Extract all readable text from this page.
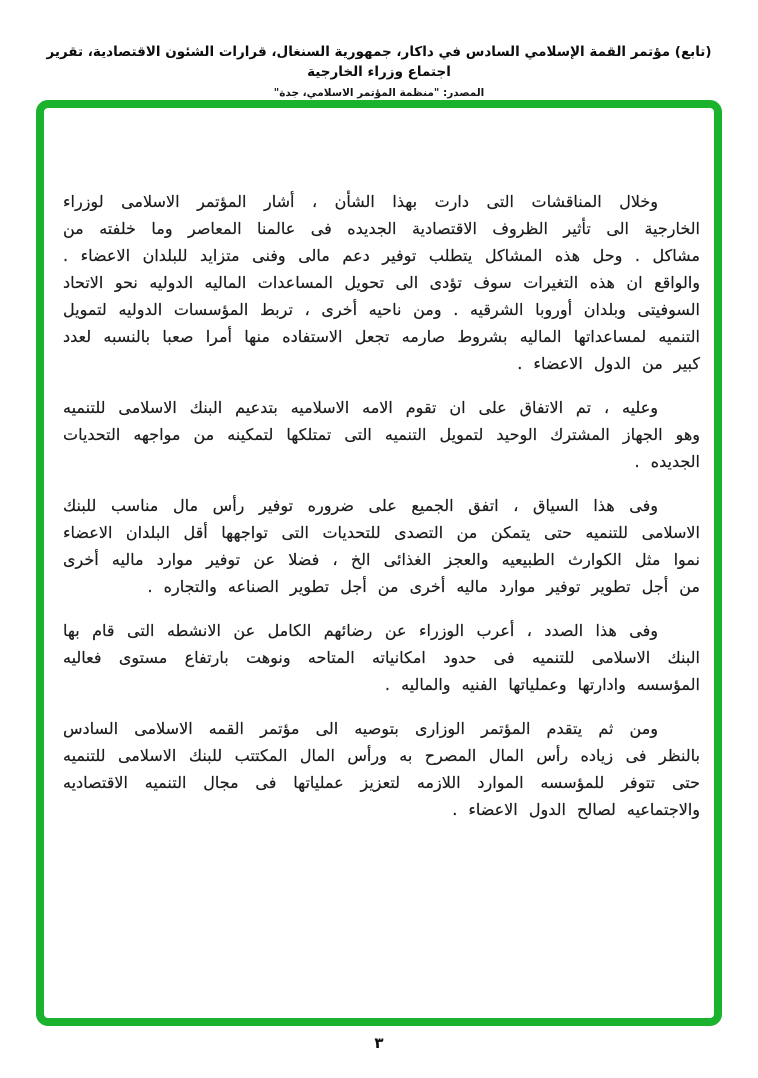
(تابع) مؤتمر القمة الإسلامي السادس في داكار، جمهورية السنغال، قرارات الشئون الاقتصادية، تقرير اجتماع وزراء الخارجية
المصدر: "منظمة المؤتمر الاسلامي، جدة"

وخلال المناقشات التى دارت بهذا الشأن ، أشار المؤتمر الاسلامى لوزراء الخارجية الى تأثير الظروف الاقتصادية الجديده فى عالمنا المعاصر وما خلفته من مشاكل . وحل هذه المشاكل يتطلب توفير دعم مالى وفنى متزايد للبلدان الاعضاء . والواقع ان هذه التغيرات سوف تؤدى الى تحويل المساعدات الماليه الدوليه نحو الاتحاد السوفيتى وبلدان أوروبا الشرقيه . ومن ناحيه أخرى ، تربط المؤسسات الدوليه لتمويل التنميه لمساعداتها الماليه بشروط صارمه تجعل الاستفاده منها أمرا صعبا بالنسبه لعدد كبير من الدول الاعضاء .

وعليه ، تم الاتفاق على ان تقوم الامه الاسلاميه بتدعيم البنك الاسلامى للتنميه وهو الجهاز المشترك الوحيد لتمويل التنميه التى تمتلكها لتمكينه من مواجهه التحديات الجديده .

وفى هذا السياق ، اتفق الجميع على ضروره توفير رأس مال مناسب للبنك الاسلامى للتنميه حتى يتمكن من التصدى للتحديات التى تواجهها أقل البلدان الاعضاء نموا مثل الكوارث الطبيعيه والعجز الغذائى الخ ، فضلا عن توفير موارد ماليه أخرى من أجل تطوير توفير موارد ماليه أخرى من أجل تطوير الصناعه والتجاره .

وفى هذا الصدد ، أعرب الوزراء عن رضائهم الكامل عن الانشطه التى قام بها البنك الاسلامى للتنميه فى حدود امكانياته المتاحه ونوهت بارتفاع مستوى فعاليه المؤسسه وادارتها وعملياتها الفنيه والماليه .

ومن ثم يتقدم المؤتمر الوزارى بتوصيه الى مؤتمر القمه الاسلامى السادس بالنظر فى زياده رأس المال المصرح به ورأس المال المكتتب للبنك الاسلامى للتنميه حتى تتوفر للمؤسسه الموارد اللازمه لتعزيز عملياتها فى مجال التنميه الاقتصاديه والاجتماعيه لصالح الدول الاعضاء .

٣
